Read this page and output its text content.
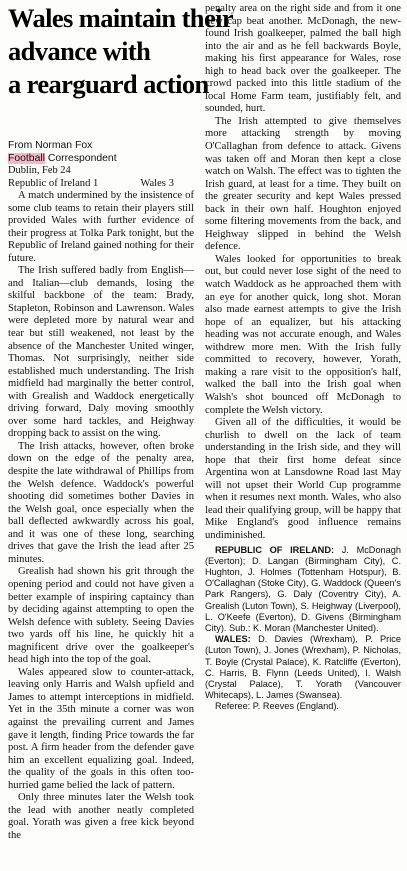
Wales maintain their
advance with
a rearguard action
From Norman Fox
Football Correspondent
Dublin, Feb 24
Republic of Ireland 1	Wales 3

A match undermined by the insistence of some club teams to retain their players still provided Wales with further evidence of their progress at Tolka Park tonight, but the Republic of Ireland gained nothing for their future.

The Irish suffered badly from English—and Italian—club demands, losing the skilful backbone of the team: Brady, Stapleton, Robinson and Lawrenson. Wales were depleted more by natural wear and tear but still weakened, not least by the absence of the Manchester United winger, Thomas. Not surprisingly, neither side established much understanding. The Irish midfield had marginally the better control, with Grealish and Waddock energetically driving forward, Daly moving smoothly over some hard tackles, and Heighway dropping back to assist on the wing.

The Irish attacks, however, often broke down on the edge of the penalty area, despite the late withdrawal of Phillips from the Welsh defence. Waddock's powerful shooting did sometimes bother Davies in the Welsh goal, once especially when the ball deflected awkwardly across his goal, and it was one of these long, searching drives that gave the Irish the lead after 25 minutes.

Grealish had shown his grit through the opening period and could not have given a better example of inspiring captaincy than by deciding against attempting to open the Welsh defence with sublety. Seeing Davies two yards off his line, he quickly hit a magnificent drive over the goalkeeper's head high into the top of the goal.

Wales appeared slow to counter-attack, leaving only Harris and Walsh upfield and James to attempt interceptions in midfield. Yet in the 35th minute a corner was won against the prevailing current and James gave it length, finding Price towards the far post. A firm header from the defender gave him an excellent equalizing goal. Indeed, the quality of the goals in this often too-hurried game belied the lack of pattern.

Only three minutes later the Welsh took the lead with another neatly completed goal. Yorath was given a free kick beyond the

penalty area on the right side and from it one new cap beat another. McDonagh, the new-found Irish goalkeeper, palmed the ball high into the air and as he fell backwards Boyle, making his first appearance for Wales, rose high to head back over the goalkeeper. The crowd packed into this little stadium of the local Home Farm team, justifiably felt, and sounded, hurt.

The Irish attempted to give themselves more attacking strength by moving O'Callaghan from defence to attack. Givens was taken off and Moran then kept a close watch on Walsh. The effect was to tighten the Irish guard, at least for a time. They built on the greater security and kept Wales pressed back in their own half. Houghton enjoyed some filtering movements from the back, and Heighway slipped in behind the Welsh defence.

Wales looked for opportunities to break out, but could never lose sight of the need to watch Waddock as he approached them with an eye for another quick, long shot. Moran also made earnest attempts to give the Irish hope of an equalizer, but his attacking heading was not accurate enough, and Wales withdrew more men. With the Irish fully committed to recovery, however, Yorath, making a rare visit to the opposition's half, walked the ball into the Irish goal when Walsh's shot bounced off McDonagh to complete the Welsh victory.

Given all of the difficulties, it would be churlish to dwell on the lack of team understanding in the Irish side, and they will hope that their first home defeat since Argentina won at Lansdowne Road last May will not upset their World Cup programme when it resumes next month. Wales, who also lead their qualifying group, will be happy that Mike England's good influence remains undiminished.

REPUBLIC OF IRELAND: J. McDonagh (Everton); D. Langan (Birmingham City), C. Hughton, J. Holmes (Tottenham Hotspur), B. O'Callaghan (Stoke City), G. Waddock (Queen's Park Rangers), G. Daly (Coventry City), A. Grealish (Luton Town), S. Heighway (Liverpool), L. O'Keefe (Everton), D. Givens (Birmingham City). Sub.: K. Moran (Manchester United).

WALES: D. Davies (Wrexham), P. Price (Luton Town), J. Jones (Wrexham), P. Nicholas, T. Boyle (Crystal Palace), K. Ratcliffe (Everton), C. Harris, B. Flynn (Leeds United), I. Walsh (Crystal Palace), T. Yorath (Vancouver Whitecaps), L. James (Swansea).

Referee: P. Reeves (England).
